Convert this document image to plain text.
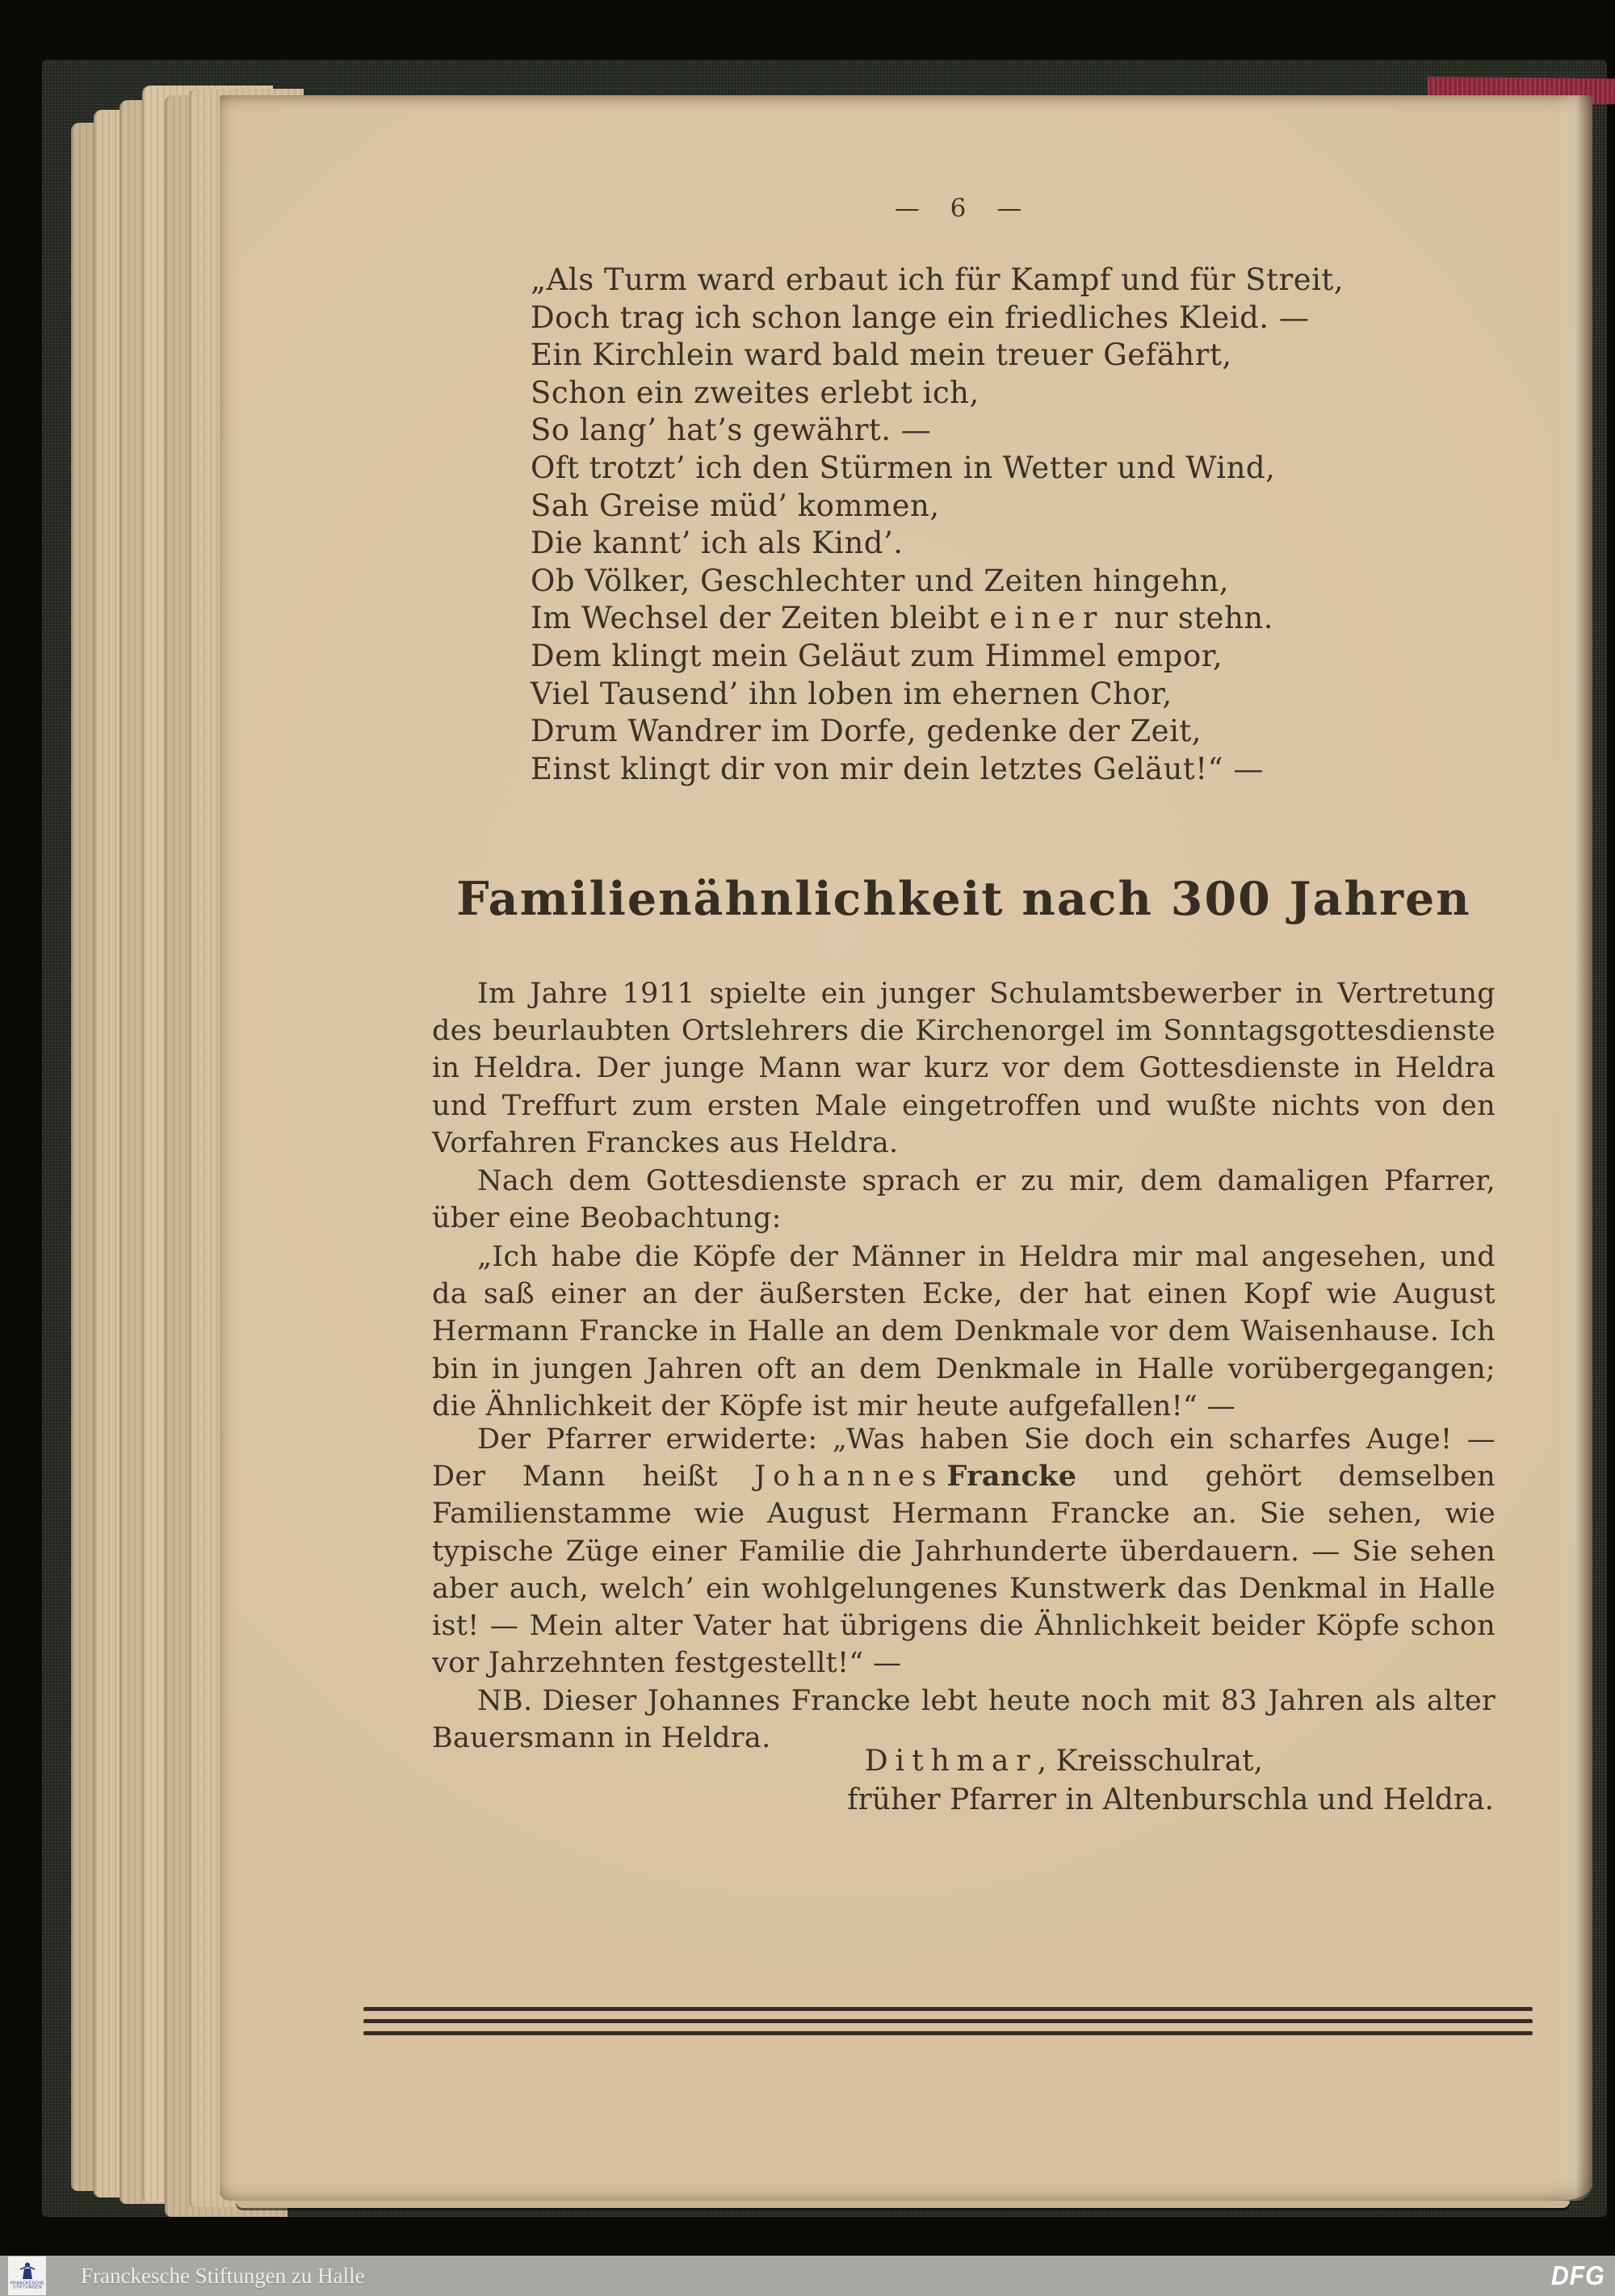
— 6 —
„Als Turm ward erbaut ich für Kampf und für Streit,
Doch trag ich schon lange ein friedliches Kleid. —
Ein Kirchlein ward bald mein treuer Gefährt,
Schon ein zweites erlebt ich,
So lang’ hat’s gewährt. —
Oft trotzt’ ich den Stürmen in Wetter und Wind,
Sah Greise müd’ kommen,
Die kannt’ ich als Kind’.
Ob Völker, Geschlechter und Zeiten hingehn,
Im Wechsel der Zeiten bleibt einer nur stehn.
Dem klingt mein Geläut zum Himmel empor,
Viel Tausend’ ihn loben im ehernen Chor,
Drum Wandrer im Dorfe, gedenke der Zeit,
Einst klingt dir von mir dein letztes Geläut!“ —
Familienähnlichkeit nach 300 Jahren

Im Jahre 1911 spielte ein junger Schulamtsbewerber in Vertretung des beurlaubten Ortslehrers die Kirchenorgel im Sonntagsgottesdienste in Heldra. Der junge Mann war kurz vor dem Gottesdienste in Heldra und Treffurt zum ersten Male eingetroffen und wußte nichts von den Vorfahren Franckes aus Heldra.

Nach dem Gottesdienste sprach er zu mir, dem damaligen Pfarrer, über eine Beobachtung:

„Ich habe die Köpfe der Männer in Heldra mir mal angesehen, und da saß einer an der äußersten Ecke, der hat einen Kopf wie August Hermann Francke in Halle an dem Denkmale vor dem Waisenhause. Ich bin in jungen Jahren oft an dem Denkmale in Halle vorübergegangen; die Ähnlichkeit der Köpfe ist mir heute aufgefallen!“ —

Der Pfarrer erwiderte: „Was haben Sie doch ein scharfes Auge! — Der Mann heißt Johannes Francke und gehört demselben Familienstamme wie August Hermann Francke an. Sie sehen, wie typische Züge einer Familie die Jahrhunderte überdauern. — Sie sehen aber auch, welch’ ein wohlgelungenes Kunstwerk das Denkmal in Halle ist! — Mein alter Vater hat übrigens die Ähnlichkeit beider Köpfe schon vor Jahrzehnten festgestellt!“ —

NB. Dieser Johannes Francke lebt heute noch mit 83 Jahren als alter Bauersmann in Heldra.

Dithmar, Kreisschulrat,
früher Pfarrer in Altenburschla und Heldra.
FRANCKESCHE
STIFTUNGEN Franckesche Stiftungen zu Halle	DFG
